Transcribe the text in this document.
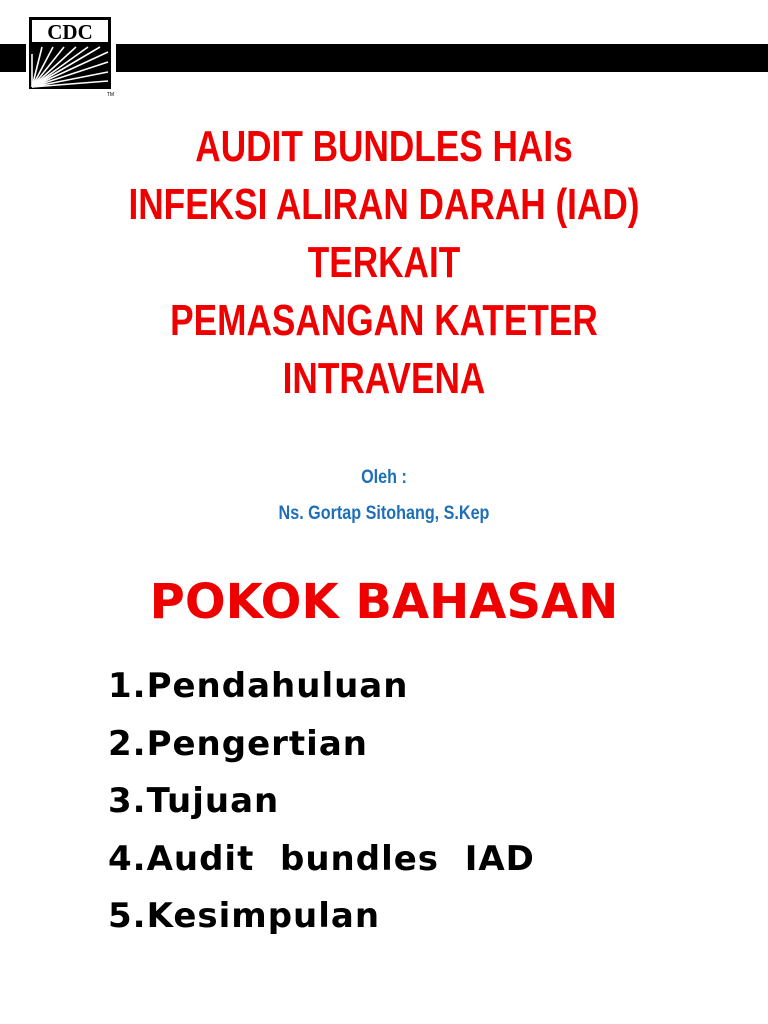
CDC
TM
AUDIT BUNDLES HAIs
INFEKSI ALIRAN DARAH (IAD)
TERKAIT
PEMASANGAN KATETER
INTRAVENA
Oleh :
Ns. Gortap Sitohang, S.Kep
POKOK BAHASAN
1.Pendahuluan
2.Pengertian
3.Tujuan
4.Audit  bundles  IAD
5.Kesimpulan
